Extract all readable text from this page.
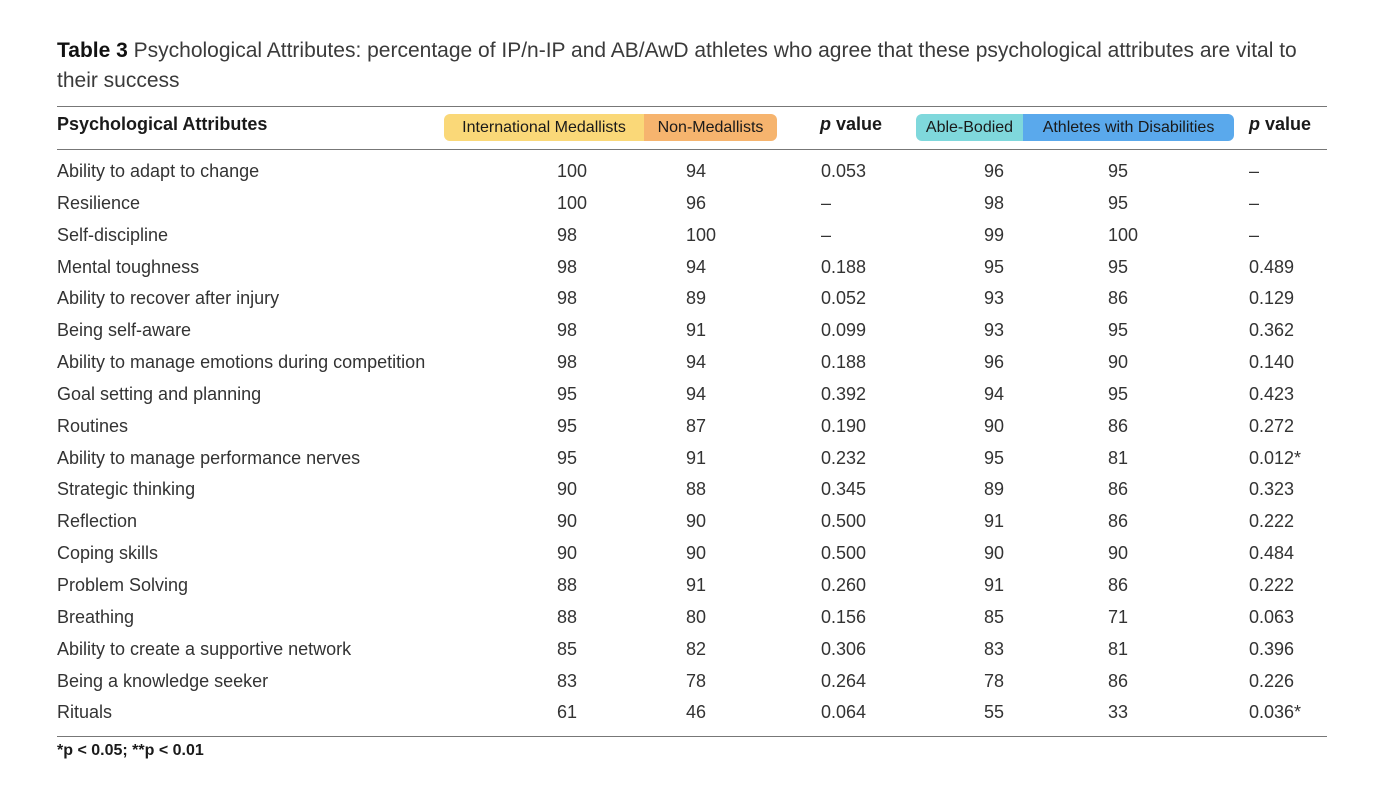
Table 3 Psychological Attributes: percentage of IP/n-IP and AB/AwD athletes who agree that these psychological attributes are vital to their success
Psychological Attributes	International Medallists	Non-Medallists	p value	Able-Bodied	Athletes with Disabilities	p value
Ability to adapt to change	100	94	0.053	96	95	–
Resilience	100	96	–	98	95	–
Self-discipline	98	100	–	99	100	–
Mental toughness	98	94	0.188	95	95	0.489
Ability to recover after injury	98	89	0.052	93	86	0.129
Being self-aware	98	91	0.099	93	95	0.362
Ability to manage emotions during competition	98	94	0.188	96	90	0.140
Goal setting and planning	95	94	0.392	94	95	0.423
Routines	95	87	0.190	90	86	0.272
Ability to manage performance nerves	95	91	0.232	95	81	0.012*
Strategic thinking	90	88	0.345	89	86	0.323
Reflection	90	90	0.500	91	86	0.222
Coping skills	90	90	0.500	90	90	0.484
Problem Solving	88	91	0.260	91	86	0.222
Breathing	88	80	0.156	85	71	0.063
Ability to create a supportive network	85	82	0.306	83	81	0.396
Being a knowledge seeker	83	78	0.264	78	86	0.226
Rituals	61	46	0.064	55	33	0.036*
*p < 0.05; **p < 0.01
